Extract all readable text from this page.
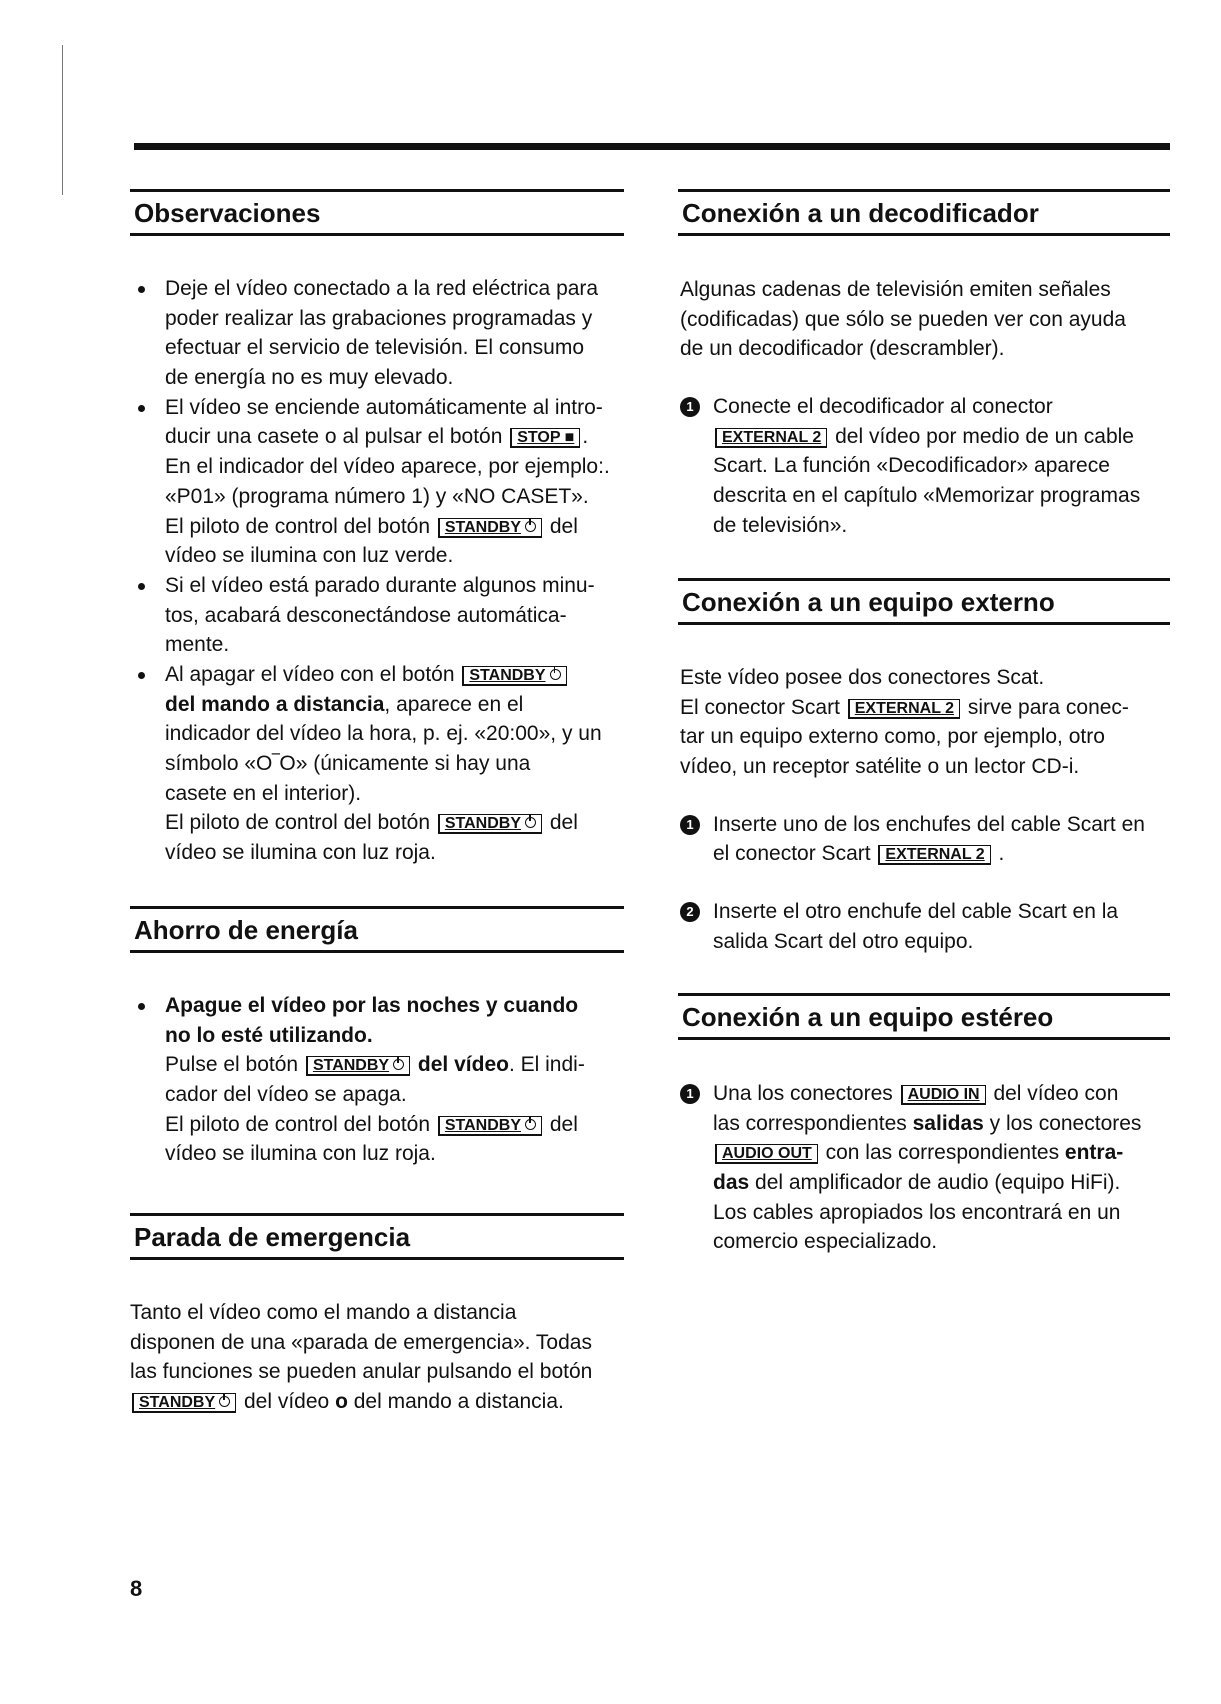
Observaciones
Deje el vídeo conectado a la red eléctrica para
poder realizar las grabaciones programadas y
efectuar el servicio de televisión. El consumo
de energía no es muy elevado.
El vídeo se enciende automáticamente al intro-
ducir una casete o al pulsar el botón STOP ■ .
En el indicador del vídeo aparece, por ejemplo:.
«P01» (programa número 1) y «NO CASET».
El piloto de control del botón STANDBY del
vídeo se ilumina con luz verde.
Si el vídeo está parado durante algunos minu-
tos, acabará desconectándose automática-
mente.
Al apagar el vídeo con el botón STANDBY
del mando a distancia, aparece en el
indicador del vídeo la hora, p. ej. «20:00», y un
símbolo «O‾O» (únicamente si hay una
casete en el interior).
El piloto de control del botón STANDBY del
vídeo se ilumina con luz roja.
Ahorro de energía
Apague el vídeo por las noches y cuando
no lo esté utilizando.
Pulse el botón STANDBY del vídeo. El indi-
cador del vídeo se apaga.
El piloto de control del botón STANDBY del
vídeo se ilumina con luz roja.
Parada de emergencia
Tanto el vídeo como el mando a distancia
disponen de una «parada de emergencia». Todas
las funciones se pueden anular pulsando el botón
STANDBY del vídeo o del mando a distancia.
Conexión a un decodificador
Algunas cadenas de televisión emiten señales
(codificadas) que sólo se pueden ver con ayuda
de un decodificador (descrambler).
1 Conecte el decodificador al conector
EXTERNAL 2 del vídeo por medio de un cable
Scart. La función «Decodificador» aparece
descrita en el capítulo «Memorizar programas
de televisión».
Conexión a un equipo externo
Este vídeo posee dos conectores Scat.
El conector Scart EXTERNAL 2 sirve para conec-
tar un equipo externo como, por ejemplo, otro
vídeo, un receptor satélite o un lector CD-i.
1 Inserte uno de los enchufes del cable Scart en
el conector Scart EXTERNAL 2 .
2 Inserte el otro enchufe del cable Scart en la
salida Scart del otro equipo.
Conexión a un equipo estéreo
1 Una los conectores AUDIO IN del vídeo con
las correspondientes salidas y los conectores
AUDIO OUT con las correspondientes entra-
das del amplificador de audio (equipo HiFi).
Los cables apropiados los encontrará en un
comercio especializado.
8
